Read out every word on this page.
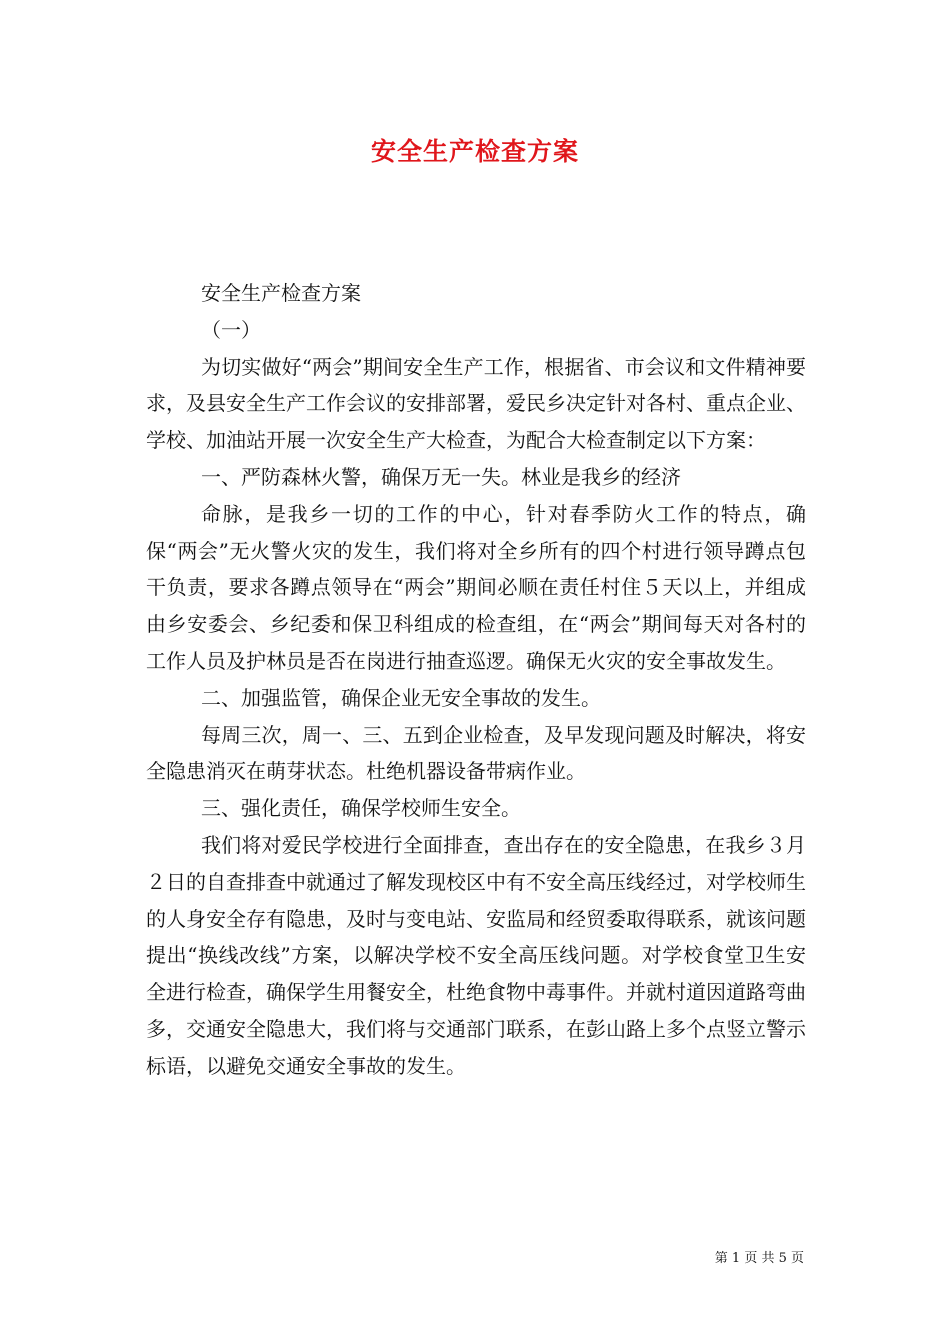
安全生产检查方案

安全生产检查方案

（一）

为切实做好“两会”期间安全生产工作，根据省、市会议和文件精神要求，及县安全生产工作会议的安排部署，爱民乡决定针对各村、重点企业、学校、加油站开展一次安全生产大检查，为配合大检查制定以下方案：

一、严防森林火警，确保万无一失。林业是我乡的经济

命脉，是我乡一切的工作的中心，针对春季防火工作的特点，确保“两会”无火警火灾的发生，我们将对全乡所有的四个村进行领导蹲点包干负责，要求各蹲点领导在“两会”期间必顺在责任村住５天以上，并组成由乡安委会、乡纪委和保卫科组成的检查组，在“两会”期间每天对各村的工作人员及护林员是否在岗进行抽查巡逻。确保无火灾的安全事故发生。

二、加强监管，确保企业无安全事故的发生。

每周三次，周一、三、五到企业检查，及早发现问题及时解决，将安全隐患消灭在萌芽状态。杜绝机器设备带病作业。

三、强化责任，确保学校师生安全。

我们将对爱民学校进行全面排查，查出存在的安全隐患，在我乡３月２日的自查排查中就通过了解发现校区中有不安全高压线经过，对学校师生的人身安全存有隐患，及时与变电站、安监局和经贸委取得联系，就该问题提出“换线改线”方案，以解决学校不安全高压线问题。对学校食堂卫生安全进行检查，确保学生用餐安全，杜绝食物中毒事件。并就村道因道路弯曲多，交通安全隐患大，我们将与交通部门联系，在彭山路上多个点竖立警示标语，以避免交通安全事故的发生。

第 1 页 共 5 页
